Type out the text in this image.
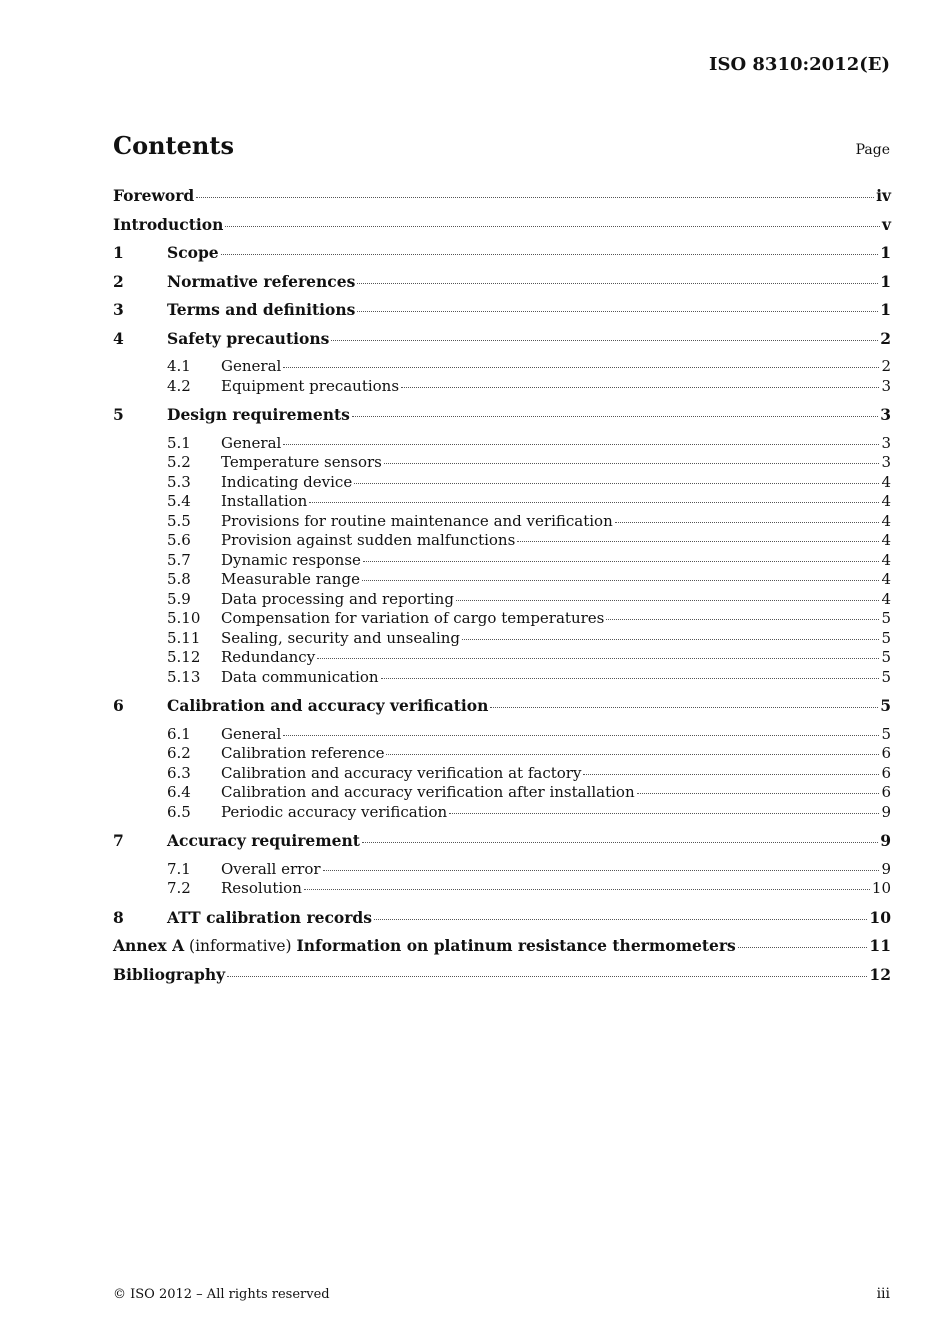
ISO 8310:2012(E)
Contents	Page
Foreword	iv
Introduction	v
1	Scope	1
2	Normative references	1
3	Terms and definitions	1
4	Safety precautions	2
4.1	General	2
4.2	Equipment precautions	3
5	Design requirements	3
5.1	General	3
5.2	Temperature sensors	3
5.3	Indicating device	4
5.4	Installation	4
5.5	Provisions for routine maintenance and verification	4
5.6	Provision against sudden malfunctions	4
5.7	Dynamic response	4
5.8	Measurable range	4
5.9	Data processing and reporting	4
5.10	Compensation for variation of cargo temperatures	5
5.11	Sealing, security and unsealing	5
5.12	Redundancy	5
5.13	Data communication	5
6	Calibration and accuracy verification	5
6.1	General	5
6.2	Calibration reference	6
6.3	Calibration and accuracy verification at factory	6
6.4	Calibration and accuracy verification after installation	6
6.5	Periodic accuracy verification	9
7	Accuracy requirement	9
7.1	Overall error	9
7.2	Resolution	10
8	ATT calibration records	10
Annex A (informative) Information on platinum resistance thermometers	11
Bibliography	12
© ISO 2012 – All rights reserved	iii
